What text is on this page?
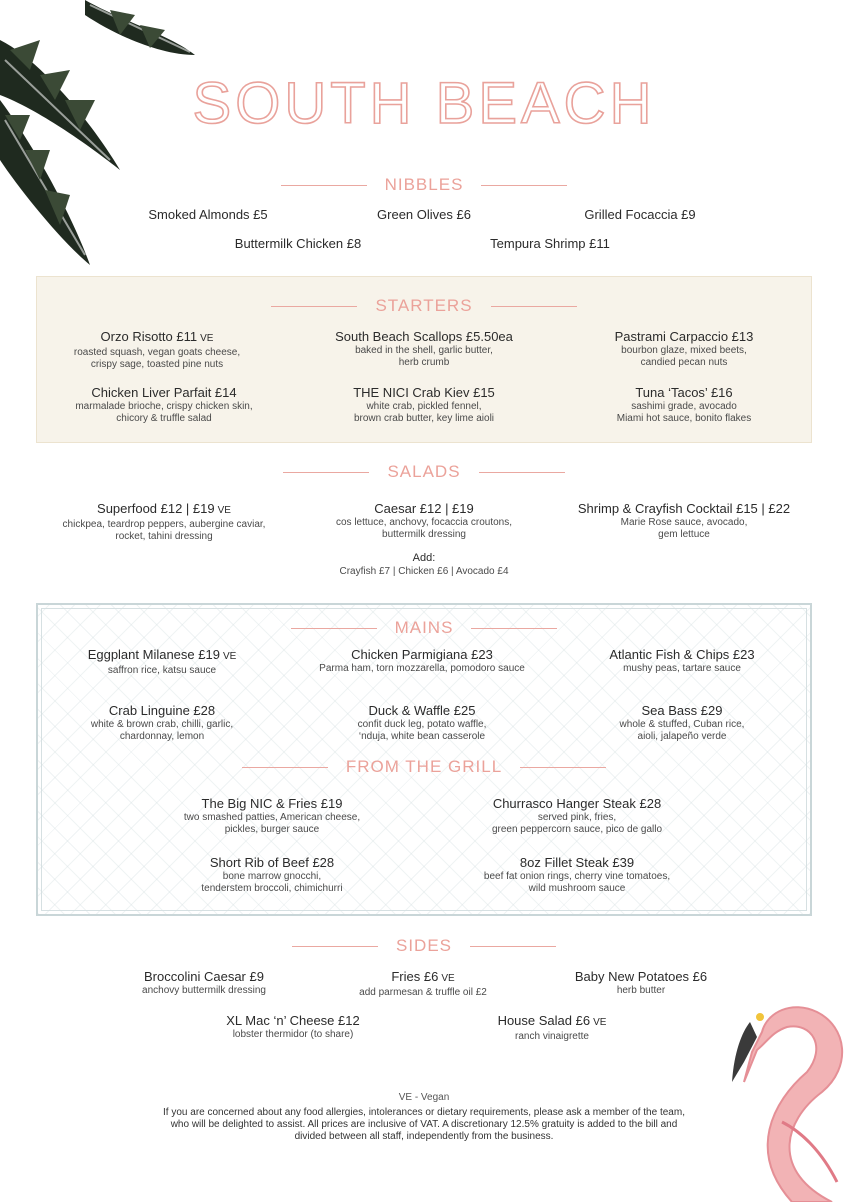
SOUTH BEACH
NIBBLES
Smoked Almonds £5	Green Olives £6	Grilled Focaccia £9
Buttermilk Chicken £8	Tempura Shrimp £11
STARTERS
Orzo Risotto £11 VE
roasted squash, vegan goats cheese,
crispy sage, toasted pine nuts
South Beach Scallops £5.50ea
baked in the shell, garlic butter,
herb crumb
Pastrami Carpaccio £13
bourbon glaze, mixed beets,
candied pecan nuts
Chicken Liver Parfait £14
marmalade brioche, crispy chicken skin,
chicory & truffle salad
THE NICI Crab Kiev £15
white crab, pickled fennel,
brown crab butter, key lime aioli
Tuna ‘Tacos’ £16
sashimi grade, avocado
Miami hot sauce, bonito flakes
SALADS
Superfood £12 | £19 VE
chickpea, teardrop peppers, aubergine caviar,
rocket, tahini dressing
Caesar £12 | £19
cos lettuce, anchovy, focaccia croutons,
buttermilk dressing
Shrimp & Crayfish Cocktail £15 | £22
Marie Rose sauce, avocado,
gem lettuce
Add:
Crayfish £7 | Chicken £6 | Avocado £4
MAINS
Eggplant Milanese £19 VE
saffron rice, katsu sauce
Chicken Parmigiana £23
Parma ham, torn mozzarella, pomodoro sauce
Atlantic Fish & Chips £23
mushy peas, tartare sauce
Crab Linguine £28
white & brown crab, chilli, garlic,
chardonnay, lemon
Duck & Waffle £25
confit duck leg, potato waffle,
‘nduja, white bean casserole
Sea Bass £29
whole & stuffed, Cuban rice,
aioli, jalapeño verde
FROM THE GRILL
The Big NIC & Fries £19
two smashed patties, American cheese,
pickles, burger sauce
Churrasco Hanger Steak £28
served pink, fries,
green peppercorn sauce, pico de gallo
Short Rib of Beef £28
bone marrow gnocchi,
tenderstem broccoli, chimichurri
8oz Fillet Steak £39
beef fat onion rings, cherry vine tomatoes,
wild mushroom sauce
SIDES
Broccolini Caesar £9
anchovy buttermilk dressing
Fries £6 VE
add parmesan & truffle oil £2
Baby New Potatoes £6
herb butter
XL Mac ‘n’ Cheese £12
lobster thermidor (to share)
House Salad £6 VE
ranch vinaigrette
VE - Vegan
If you are concerned about any food allergies, intolerances or dietary requirements, please ask a member of the team,
who will be delighted to assist. All prices are inclusive of VAT. A discretionary 12.5% gratuity is added to the bill and
divided between all staff, independently from the business.
